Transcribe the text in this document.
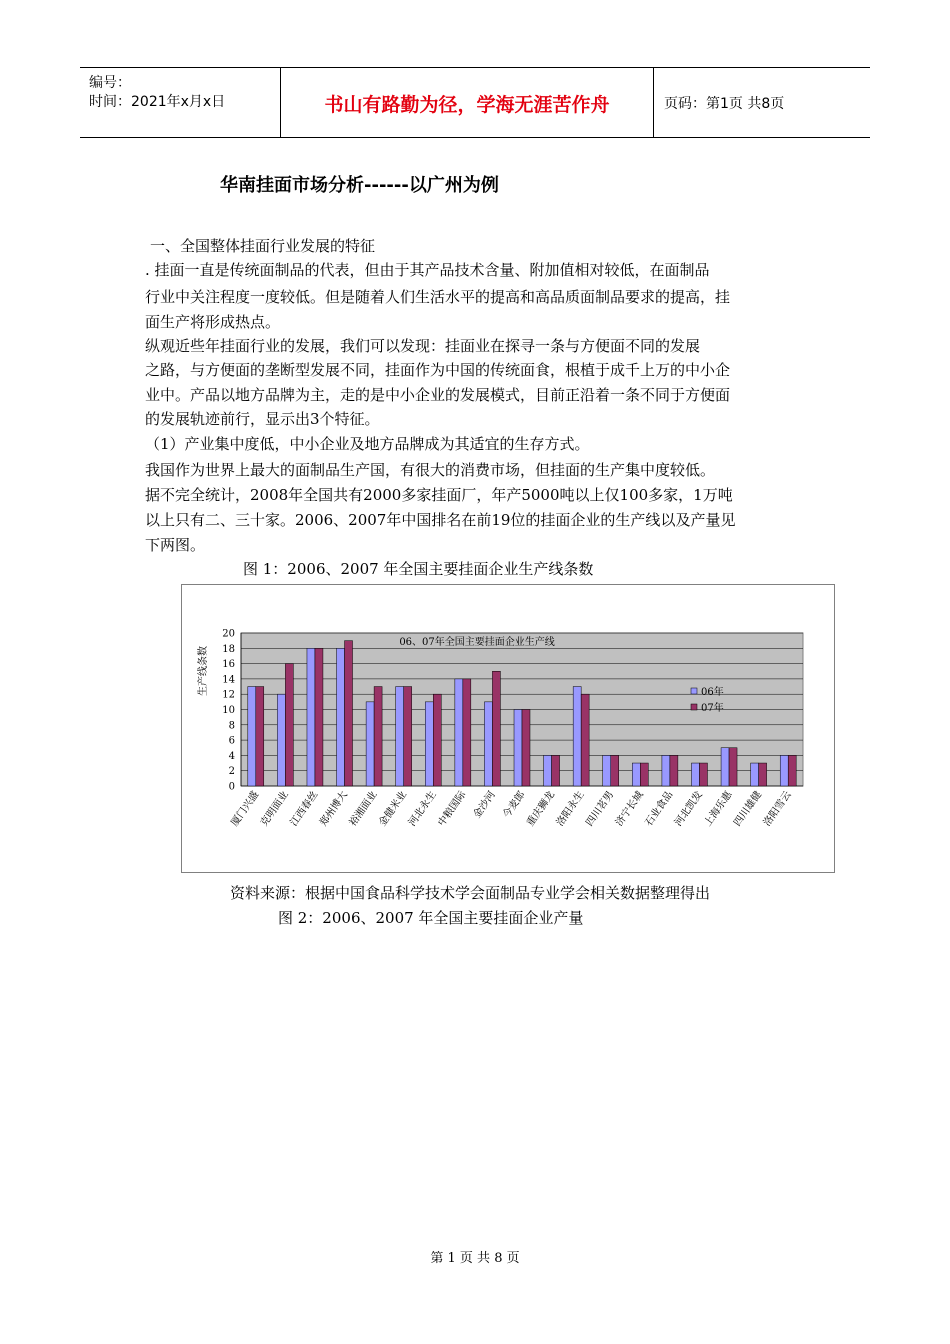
编号：
时间：2021年x月x日	书山有路勤为径，学海无涯苦作舟	页码：第1页 共8页
华南挂面市场分析------以广州为例
一、全国整体挂面行业发展的特征
. 挂面一直是传统面制品的代表，但由于其产品技术含量、附加值相对较低，在面制品
行业中关注程度一度较低。但是随着人们生活水平的提高和高品质面制品要求的提高，挂
面生产将形成热点。
纵观近些年挂面行业的发展，我们可以发现：挂面业在探寻一条与方便面不同的发展
之路，与方便面的垄断型发展不同，挂面作为中国的传统面食，根植于成千上万的中小企
业中。产品以地方品牌为主，走的是中小企业的发展模式，目前正沿着一条不同于方便面
的发展轨迹前行，显示出3个特征。
（1）产业集中度低，中小企业及地方品牌成为其适宜的生存方式。
我国作为世界上最大的面制品生产国，有很大的消费市场，但挂面的生产集中度较低。
据不完全统计，2008年全国共有2000多家挂面厂，年产5000吨以上仅100多家，1万吨
以上只有二、三十家。2006、2007年中国排名在前19位的挂面企业的生产线以及产量见
下两图。
图 1：2006、2007 年全国主要挂面企业生产线条数
0
2
4
6
8
10
12
14
16
18
20
生产线条数
06、07年全国主要挂面企业生产线
厦门兴盛
克明面业
江西春丝
郑州博大
裕湘面业
金健米业
河北永生
中粮国际 金沙河 今麦郎
重庆狮龙
洛阳永生
四川茗男
济宁长城
石业食品
河北凯发
上海乐惠
四川雄健
洛阳雪云
06年
07年
资料来源：根据中国食品科学技术学会面制品专业学会相关数据整理得出
图 2：2006、2007 年全国主要挂面企业产量
第 1 页 共 8 页
